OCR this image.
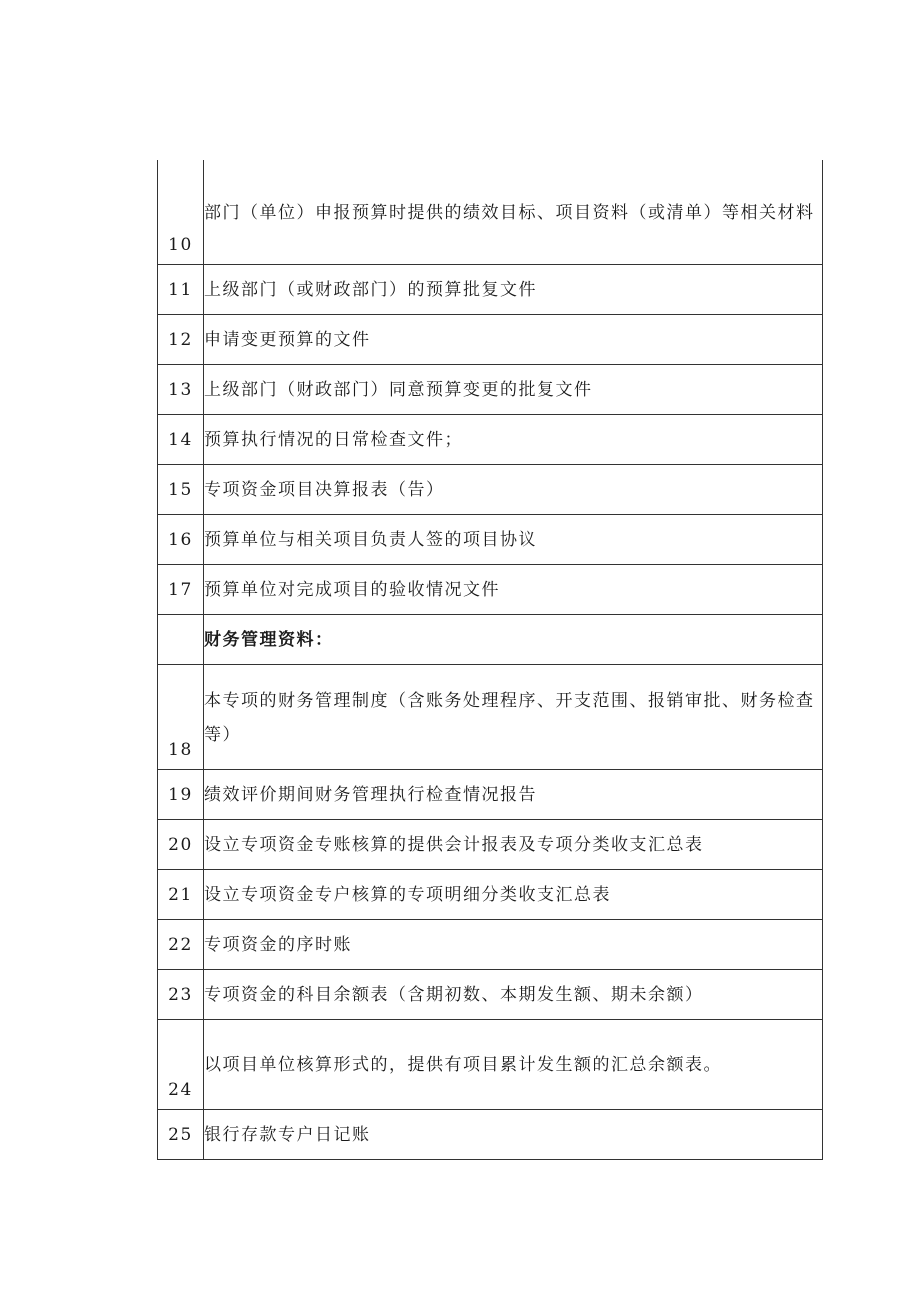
10	部门（单位）申报预算时提供的绩效目标、项目资料（或清单）等相关材料
11	上级部门（或财政部门）的预算批复文件
12	申请变更预算的文件
13	上级部门（财政部门）同意预算变更的批复文件
14	预算执行情况的日常检查文件；
15	专项资金项目决算报表（告）
16	预算单位与相关项目负责人签的项目协议
17	预算单位对完成项目的验收情况文件
	财务管理资料：
18	本专项的财务管理制度（含账务处理程序、开支范围、报销审批、财务检查等）
19	绩效评价期间财务管理执行检查情况报告
20	设立专项资金专账核算的提供会计报表及专项分类收支汇总表
21	设立专项资金专户核算的专项明细分类收支汇总表
22	专项资金的序时账
23	专项资金的科目余额表（含期初数、本期发生额、期未余额）
24	以项目单位核算形式的，提供有项目累计发生额的汇总余额表。
25	银行存款专户日记账
